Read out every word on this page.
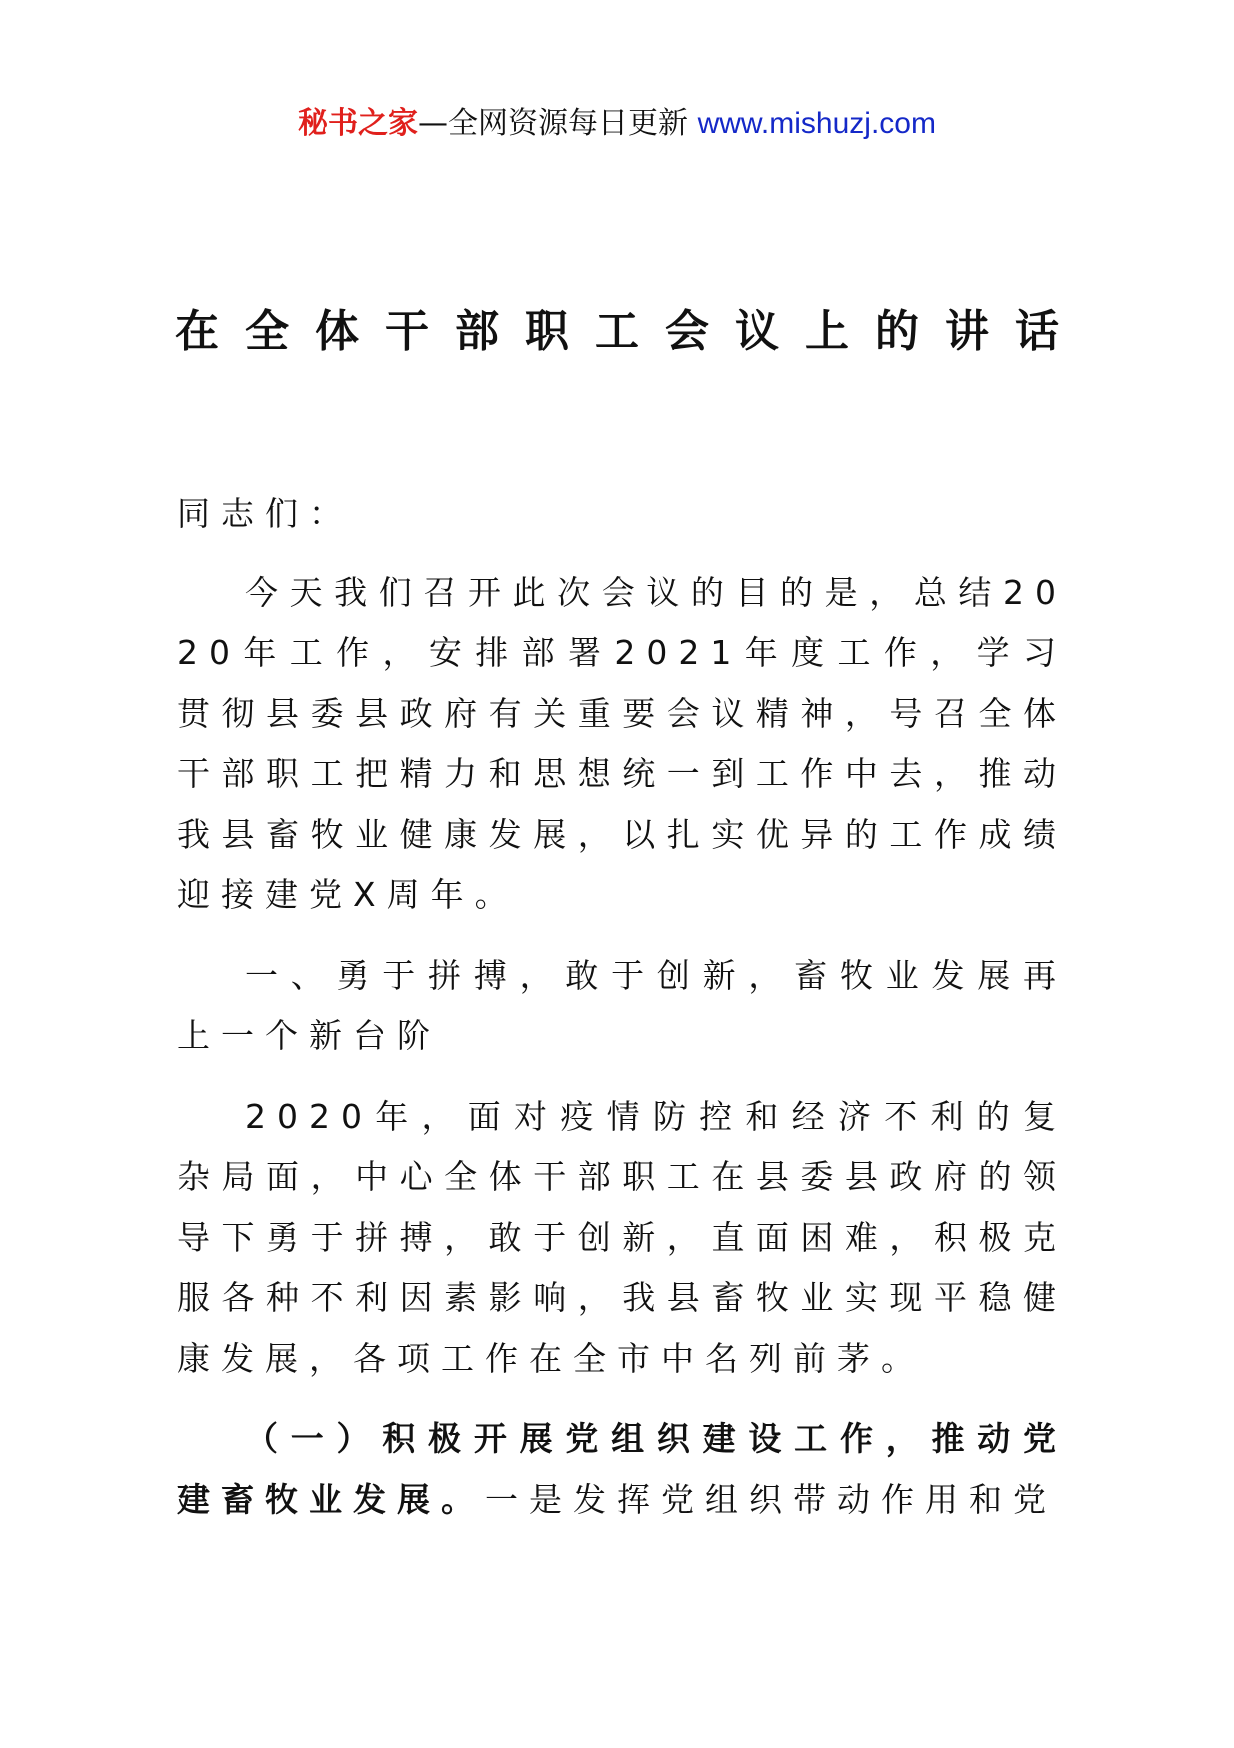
秘书之家—全网资源每日更新 www.mishuzj.com
在全体干部职工会议上的讲话

同志们：

今天我们召开此次会议的目的是，总结2020年工作，安排部署2021年度工作，学习贯彻县委县政府有关重要会议精神，号召全体干部职工把精力和思想统一到工作中去，推动我县畜牧业健康发展，以扎实优异的工作成绩迎接建党X周年。

一、勇于拼搏，敢于创新，畜牧业发展再上一个新台阶

2020年，面对疫情防控和经济不利的复杂局面，中心全体干部职工在县委县政府的领导下勇于拼搏，敢于创新，直面困难，积极克服各种不利因素影响，我县畜牧业实现平稳健康发展，各项工作在全市中名列前茅。

（一）积极开展党组织建设工作，推动党建畜牧业发展。一是发挥党组织带动作用和党
